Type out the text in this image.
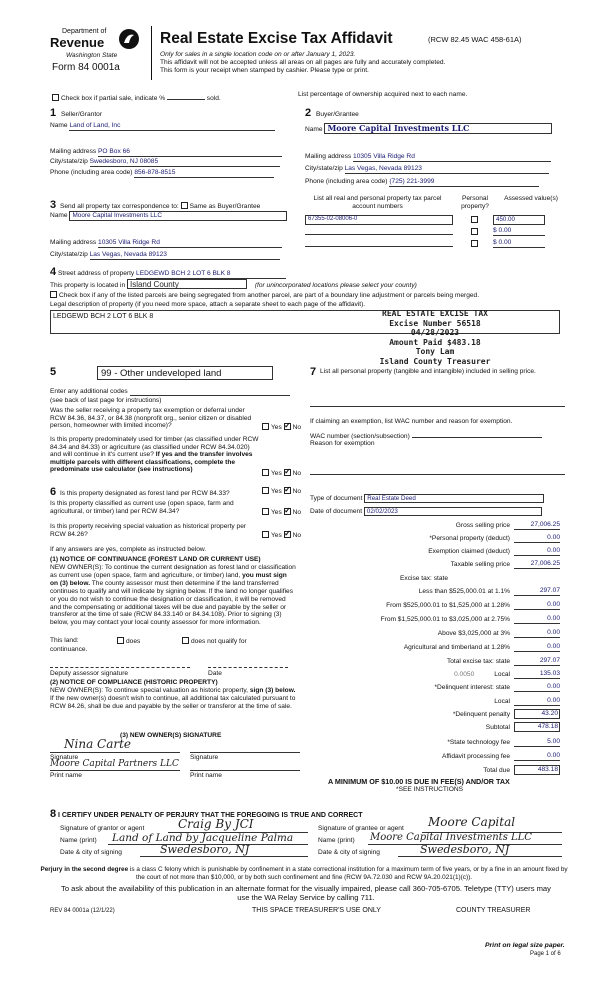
Department of
Revenue
Washington State
Form 84 0001a
Real Estate Excise Tax Affidavit	(RCW 82.45 WAC 458-61A)
Only for sales in a single location code on or after January 1, 2023.
This affidavit will not be accepted unless all areas on all pages are fully and accurately completed.
This form is your receipt when stamped by cashier. Please type or print.
Check box if partial sale, indicate %	sold.
List percentage of ownership acquired next to each name.
1 Seller/Grantor
Name Land of Land, Inc
Mailing address PO Box 66
City/state/zip Swedesboro, NJ 08085
Phone (including area code) 856-878-8515
2 Buyer/Grantee
Name Moore Capital Investments LLC
Mailing address 10305 Villa Ridge Rd
City/state/zip Las Vegas, Nevada 89123
Phone (including area code) (725) 221-3999
3 Send all property tax correspondence to: Same as Buyer/Grantee
Name Moore Capital Investments LLC
Mailing address 10305 Villa Ridge Rd
City/state/zip Las Vegas, Nevada 89123
List all real and personal property tax parcel account numbers
Personal property?
Assessed value(s)
67355-02-08006-0	450.00
$ 0.00
$ 0.00
4 Street address of property LEDGEWD BCH 2 LOT 6 BLK 8
This property is located in Island County	(for unincorporated locations please select your county)
Check box if any of the listed parcels are being segregated from another parcel, are part of a boundary line adjustment or parcels being merged.
Legal description of property (if you need more space, attach a separate sheet to each page of the affidavit).
LEDGEWD BCH 2 LOT 6 BLK 8	REAL ESTATE EXCISE TAX
Excise Number 56518
04/28/2023
Amount Paid $483.18
Tony Lam
Island County Treasurer
5	99 - Other undeveloped land
Enter any additional codes
(see back of last page for instructions)
Was the seller receiving a property tax exemption or deferral under RCW 84.36, 84.37, or 84.38 (nonprofit org., senior citizen or disabled person, homeowner with limited income)?	Yes ✓ No
Is this property predominately used for timber (as classified under RCW 84.34 and 84.33) or agriculture (as classified under RCW 84.34.020) and will continue in it's current use? If yes and the transfer involves multiple parcels with different classifications, complete the predominate use calculator (see instructions)
Yes ✓ No
7 List all personal property (tangible and intangible) included in selling price.
If claiming an exemption, list WAC number and reason for exemption.
WAC number (section/subsection)
Reason for exemption
Type of document Real Estate Deed
Date of document 02/02/2023
6 Is this property designated as forest land per RCW 84.33?	Yes ✓ No
Is this property classified as current use (open space, farm and agricultural, or timber) land per RCW 84.34?	Yes ✓ No
Is this property receiving special valuation as historical property per RCW 84.26?	Yes ✓ No
If any answers are yes, complete as instructed below.
(1) NOTICE OF CONTINUANCE (FOREST LAND OR CURRENT USE)
NEW OWNER(S): To continue the current designation as forest land or classification as current use (open space, farm and agriculture, or timber) land, you must sign on (3) below. The county assessor must then determine if the land transferred continues to qualify and will indicate by signing below. If the land no longer qualifies or you do not wish to continue the designation or classification, it will be removed and the compensating or additional taxes will be due and payable by the seller or transferor at the time of sale (RCW 84.33.140 or 84.34.108). Prior to signing (3) below, you may contact your local county assessor for more information.
This land:	does	does not qualify for
continuance.
Deputy assessor signature	Date
(2) NOTICE OF COMPLIANCE (HISTORIC PROPERTY)
NEW OWNER(S): To continue special valuation as historic property, sign (3) below. If the new owner(s) doesn't wish to continue, all additional tax calculated pursuant to RCW 84.26, shall be due and payable by the seller or transferor at the time of sale.
(3) NEW OWNER(S) SIGNATURE
Nina Carte
Signature	Signature
Moore Capital Partners LLC
Print name	Print name
Gross selling price	27,006.25
*Personal property (deduct)	0.00
Exemption claimed (deduct)	0.00
Taxable selling price	27,006.25
Excise tax: state
Less than $525,000.01 at 1.1%	297.07
From $525,000.01 to $1,525,000 at 1.28%	0.00
From $1,525,000.01 to $3,025,000 at 2.75%	0.00
Above $3,025,000 at 3%	0.00
Agricultural and timberland at 1.28%	0.00
Total excise tax: state	297.07
0.0050	Local	135.03
*Delinquent interest: state	0.00
Local	0.00
*Delinquent penalty	43.20
Subtotal	478.18
*State technology fee	5.00
Affidavit processing fee	0.00
Total due	483.18
A MINIMUM OF $10.00 IS DUE IN FEE(S) AND/OR TAX
*SEE INSTRUCTIONS
8 I CERTIFY UNDER PENALTY OF PERJURY THAT THE FOREGOING IS TRUE AND CORRECT
Signature of grantor or agent	Craig By JCI
Name (print) Land of Land by Jacqueline Palma
Date & city of signing	Swedesboro, NJ
Signature of grantee or agent Moore Capital
Name (print) Moore Capital Investments LLC
Date & city of signing	Swedesboro, NJ
Perjury in the second degree is a class C felony which is punishable by confinement in a state correctional institution for a maximum term of five years, or by a fine in an amount fixed by the court of not more than $10,000, or by both such confinement and fine (RCW 9A.72.030 and RCW 9A.20.021(1)(c)).
To ask about the availability of this publication in an alternate format for the visually impaired, please call 360-705-6705. Teletype (TTY) users may use the WA Relay Service by calling 711.
REV 84 0001a (12/1/22)	THIS SPACE TREASURER'S USE ONLY	COUNTY TREASURER
Print on legal size paper.
Page 1 of 6
